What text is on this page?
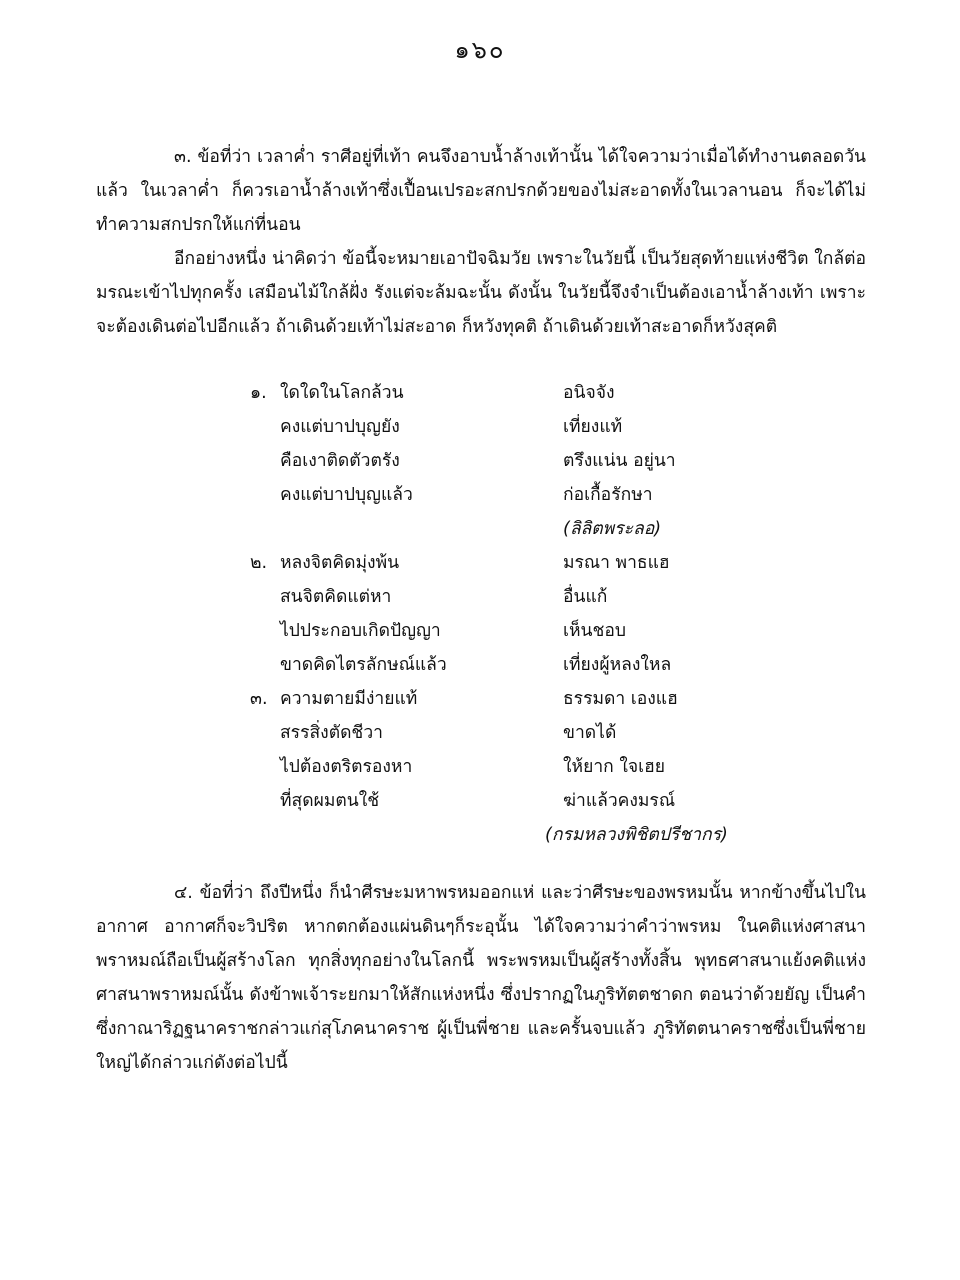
๑๖๐

๓. ข้อที่ว่า เวลาค่ำ ราศีอยู่ที่เท้า คนจึงอาบน้ำล้างเท้านั้น ได้ใจความว่าเมื่อได้ทำงานตลอดวันแล้ว ในเวลาค่ำ ก็ควรเอาน้ำล้างเท้าซึ่งเปื้อนเปรอะสกปรกด้วยของไม่สะอาดทั้งในเวลานอน ก็จะได้ไม่ทำความสกปรกให้แก่ที่นอน

อีกอย่างหนึ่ง น่าคิดว่า ข้อนี้จะหมายเอาปัจฉิมวัย เพราะในวัยนี้ เป็นวัยสุดท้ายแห่งชีวิต ใกล้ต่อมรณะเข้าไปทุกครั้ง เสมือนไม้ใกล้ฝั่ง รังแต่จะล้มฉะนั้น ดังนั้น ในวัยนี้จึงจำเป็นต้องเอาน้ำล้างเท้า เพราะจะต้องเดินต่อไปอีกแล้ว ถ้าเดินด้วยเท้าไม่สะอาด ก็หวังทุคติ ถ้าเดินด้วยเท้าสะอาดก็หวังสุคติ

๑. ใดใดในโลกล้วน	อนิจจัง
คงแต่บาปบุญยัง	เที่ยงแท้
คือเงาติดตัวตรัง	ตรึงแน่น อยู่นา
คงแต่บาปบุญแล้ว	ก่อเกื้อรักษา
(ลิลิตพระลอ)
๒. หลงจิตคิดมุ่งพ้น	มรณา พาธแฮ
สนจิตคิดแต่หา	อื่นแก้
ไปประกอบเกิดปัญญา	เห็นชอบ
ขาดคิดไตรลักษณ์แล้ว	เที่ยงผู้หลงใหล
๓. ความตายมีง่ายแท้	ธรรมดา เองแฮ
สรรสิ่งตัดชีวา	ขาดได้
ไปต้องตริตรองหา	ให้ยาก ใจเฮย
ที่สุดผมตนใช้	ฆ่าแล้วคงมรณ์
(กรมหลวงพิชิตปรีชากร)

๔. ข้อที่ว่า ถึงปีหนึ่ง ก็นำศีรษะมหาพรหมออกแห่ และว่าศีรษะของพรหมนั้น หากข้างขึ้นไปในอากาศ อากาศก็จะวิปริต หากตกต้องแผ่นดินๆก็ระอุนั้น ได้ใจความว่าคำว่าพรหม ในคติแห่งศาสนาพราหมณ์ถือเป็นผู้สร้างโลก ทุกสิ่งทุกอย่างในโลกนี้ พระพรหมเป็นผู้สร้างทั้งสิ้น พุทธศาสนาแย้งคติแห่งศาสนาพราหมณ์นั้น ดังข้าพเจ้าระยกมาให้สักแห่งหนึ่ง ซึ่งปรากฏในภูริทัตตชาดก ตอนว่าด้วยยัญ เป็นคำซึ่งกาณาริฏฐนาคราชกล่าวแก่สุโภคนาคราช ผู้เป็นพี่ชาย และครั้นจบแล้ว ภูริทัตตนาคราชซึ่งเป็นพี่ชายใหญ่ได้กล่าวแก่ดังต่อไปนี้
